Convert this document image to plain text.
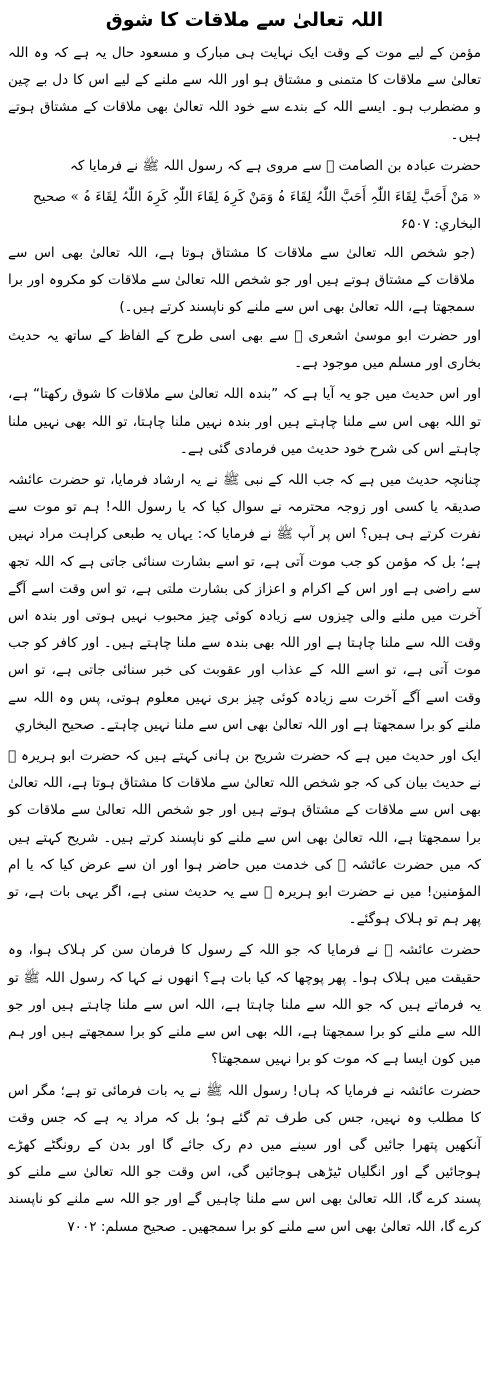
اللہ تعالیٰ سے ملاقات کا شوق

مؤمن کے لیے موت کے وقت ایک نہایت ہی مبارک و مسعود حال یہ ہے کہ وہ اللہ تعالیٰ سے ملاقات کا متمنی و مشتاق ہو اور اللہ سے ملنے کے لیے اس کا دل بے چین و مضطرب ہو۔ ایسے اللہ کے بندے سے خود اللہ تعالیٰ بھی ملاقات کے مشتاق ہوتے ہیں۔

حضرت عبادہ بن الصامت ﷛ سے مروی ہے کہ رسول اللہ ﷺ نے فرمایا کہ

« مَنْ أَحَبَّ لِقَاءَ اللّٰہِ أَحَبَّ اللّٰہُ لِقَاءَ ہُ وَمَنْ کَرِہَ لِقَاءَ اللّٰہِ کَرِہَ اللّٰہُ لِقَاءَ ہُ » صحیح البخاري: ۶۵۰۷

(جو شخص اللہ تعالیٰ سے ملاقات کا مشتاق ہوتا ہے، اللہ تعالیٰ بھی اس سے ملاقات کے مشتاق ہوتے ہیں اور جو شخص اللہ تعالیٰ سے ملاقات کو مکروہ اور برا سمجھتا ہے، اللہ تعالیٰ بھی اس سے ملنے کو ناپسند کرتے ہیں۔)

اور حضرت ابو موسیٰ اشعری ﷛ سے بھی اسی طرح کے الفاظ کے ساتھ یہ حدیث بخاری اور مسلم میں موجود ہے۔

اور اس حدیث میں جو یہ آیا ہے کہ ”بندہ اللہ تعالیٰ سے ملاقات کا شوق رکھتا“ ہے، تو اللہ بھی اس سے ملنا چاہتے ہیں اور بندہ نہیں ملنا چاہتا، تو اللہ بھی نہیں ملنا چاہتے اس کی شرح خود حدیث میں فرمادی گئی ہے۔

چنانچہ حدیث میں ہے کہ جب اللہ کے نبی ﷺ نے یہ ارشاد فرمایا، تو حضرت عائشہ صدیقہ یا کسی اور زوجہ محترمہ نے سوال کیا کہ یا رسول اللہ! ہم تو موت سے نفرت کرتے ہی ہیں؟ اس پر آپ ﷺ نے فرمایا کہ: یہاں یہ طبعی کراہت مراد نہیں ہے؛ بل کہ مؤمن کو جب موت آتی ہے، تو اسے بشارت سنائی جاتی ہے کہ اللہ تجھ سے راضی ہے اور اس کے اکرام و اعزاز کی بشارت ملتی ہے، تو اس وقت اسے آگے آخرت میں ملنے والی چیزوں سے زیادہ کوئی چیز محبوب نہیں ہوتی اور بندہ اس وقت اللہ سے ملنا چاہتا ہے اور اللہ بھی بندہ سے ملنا چاہتے ہیں۔ اور کافر کو جب موت آتی ہے، تو اسے اللہ کے عذاب اور عقوبت کی خبر سنائی جاتی ہے، تو اس وقت اسے آگے آخرت سے زیادہ کوئی چیز بری نہیں معلوم ہوتی، پس وہ اللہ سے ملنے کو برا سمجھتا ہے اور اللہ تعالیٰ بھی اس سے ملنا نہیں چاہتے۔ صحیح البخاري

ایک اور حدیث میں ہے کہ حضرت شریح بن ہانی کہتے ہیں کہ حضرت ابو ہریرہ ﷛ نے حدیث بیان کی کہ جو شخص اللہ تعالیٰ سے ملاقات کا مشتاق ہوتا ہے، اللہ تعالیٰ بھی اس سے ملاقات کے مشتاق ہوتے ہیں اور جو شخص اللہ تعالیٰ سے ملاقات کو برا سمجھتا ہے، اللہ تعالیٰ بھی اس سے ملنے کو ناپسند کرتے ہیں۔ شریح کہتے ہیں کہ میں حضرت عائشہ ﷝ کی خدمت میں حاضر ہوا اور ان سے عرض کیا کہ یا ام المؤمنین! میں نے حضرت ابو ہریرہ ﷛ سے یہ حدیث سنی ہے، اگر یہی بات ہے، تو پھر ہم تو ہلاک ہوگئے۔

حضرت عائشہ ﷝ نے فرمایا کہ جو اللہ کے رسول کا فرمان سن کر ہلاک ہوا، وہ حقیقت میں ہلاک ہوا۔ پھر پوچھا کہ کیا بات ہے؟ انھوں نے کہا کہ رسول اللہ ﷺ تو یہ فرماتے ہیں کہ جو اللہ سے ملنا چاہتا ہے، اللہ اس سے ملنا چاہتے ہیں اور جو اللہ سے ملنے کو برا سمجھتا ہے، اللہ بھی اس سے ملنے کو برا سمجھتے ہیں اور ہم میں کون ایسا ہے کہ موت کو برا نہیں سمجھتا؟

حضرت عائشہ نے فرمایا کہ ہاں! رسول اللہ ﷺ نے یہ بات فرمائی تو ہے؛ مگر اس کا مطلب وہ نہیں، جس کی طرف تم گئے ہو؛ بل کہ مراد یہ ہے کہ جس وقت آنکھیں پتھرا جائیں گی اور سینے میں دم رک جائے گا اور بدن کے رونگٹے کھڑے ہوجائیں گے اور انگلیاں ٹیڑھی ہوجائیں گی، اس وقت جو اللہ تعالیٰ سے ملنے کو پسند کرے گا، اللہ تعالیٰ بھی اس سے ملنا چاہیں گے اور جو اللہ سے ملنے کو ناپسند کرے گا، اللہ تعالیٰ بھی اس سے ملنے کو برا سمجھیں۔ صحیح مسلم: ۷۰۰۲
